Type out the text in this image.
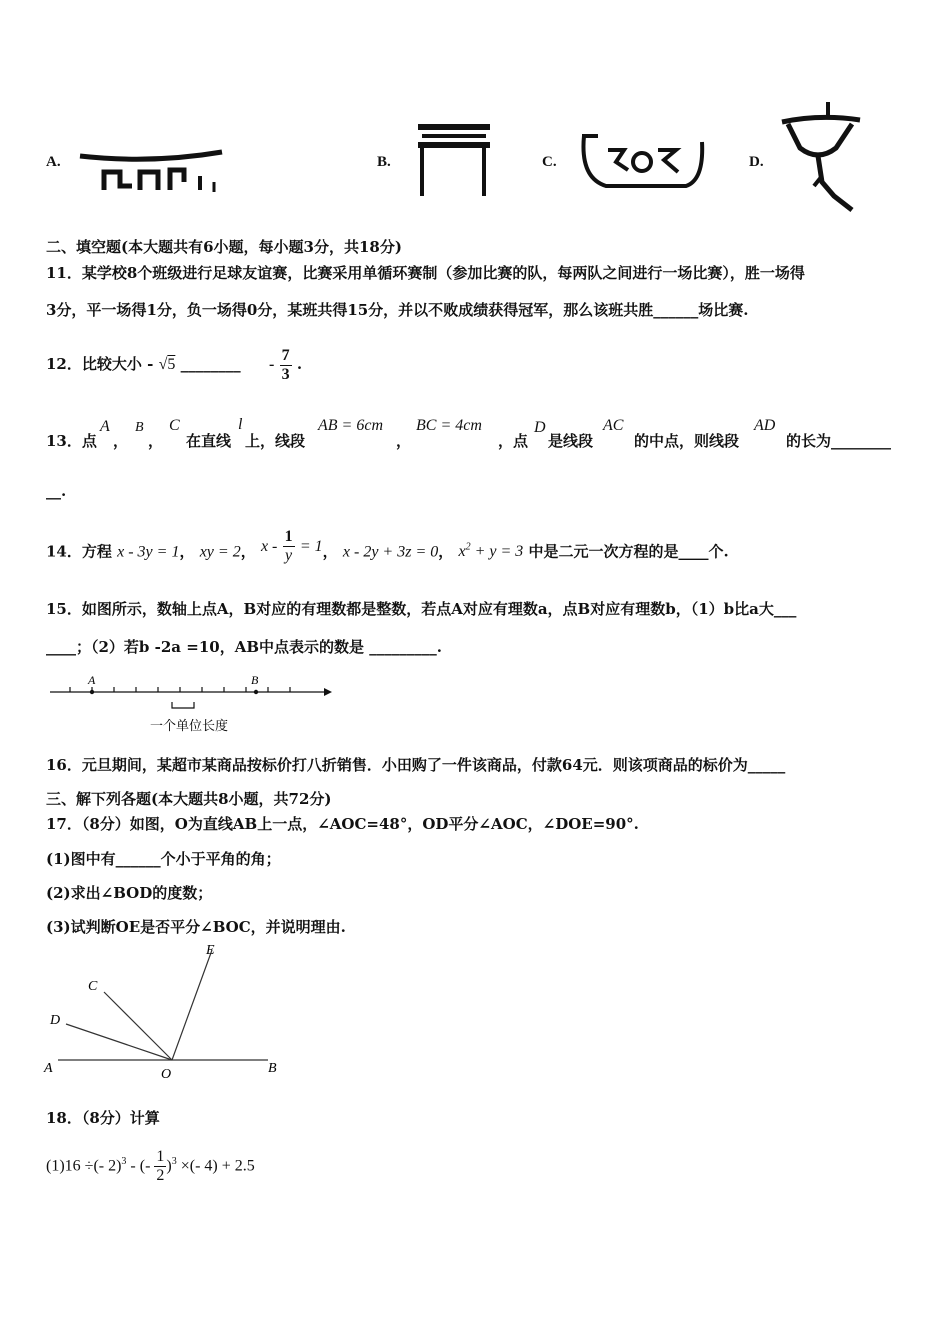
A.	B.	C.	D.
二、填空题(本大题共有6小题，每小题3分，共18分)
11．某学校8个班级进行足球友谊赛，比赛采用单循环赛制（参加比赛的队，每两队之间进行一场比赛），胜一场得
3分，平一场得1分，负一场得0分，某班共得15分，并以不败成绩获得冠军，那么该班共胜______场比赛.
12．比较大小 - √5 ________ - $\frac{7}{3}$ .
13．点
A
，
B
，
C
在直线
l
上，线段
AB = 6cm
，
BC = 4cm
，点
D
是线段
AC
的中点，则线段
AD
的长为________
__.
14．方程 x - 3y = 1， xy = 2， $x - \frac{1}{y} = 1$， x - 2y + 3z = 0， $x^2 + y = 3$ 中是二元一次方程的是____个.
15．如图所示，数轴上点A，B对应的有理数都是整数，若点A对应有理数a，点B对应有理数b，（1）b比a大___
____；（2）若b -2a =10，AB中点表示的数是 _________.
A	B
一个单位长度
16．元旦期间，某超市某商品按标价打八折销售．小田购了一件该商品，付款64元．则该项商品的标价为_____
三、解下列各题(本大题共8小题，共72分)
17．（8分）如图，O为直线AB上一点，∠AOC=48°，OD平分∠AOC，∠DOE=90°.
(1)图中有______个小于平角的角；
(2)求出∠BOD的度数；
(3)试判断OE是否平分∠BOC，并说明理由.
E
C
D
A	O	B
18．（8分）计算
(1)16 ÷(- 2)$^3$ - (- $\frac{1}{2} )^3$ ×(- 4) + 2.5
